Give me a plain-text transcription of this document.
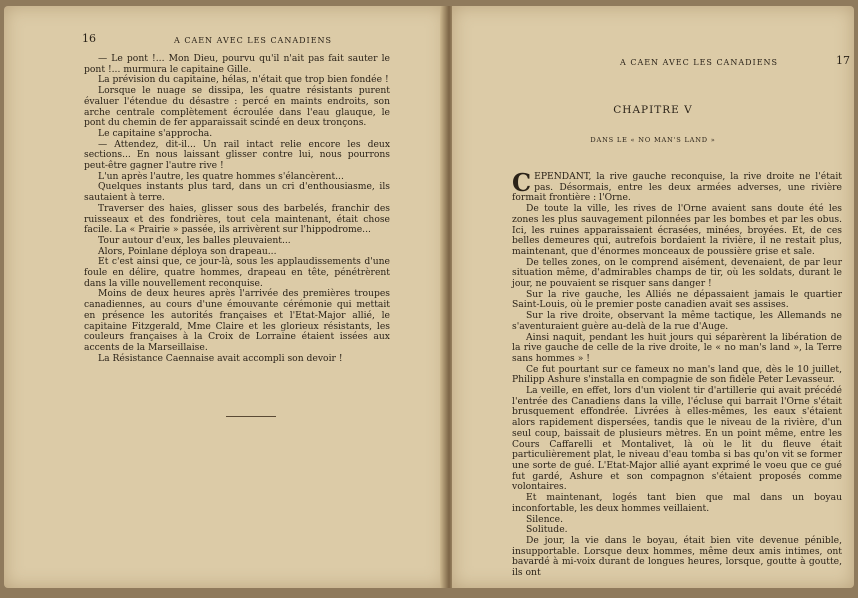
16	A CAEN AVEC LES CANADIENS

— Le pont !... Mon Dieu, pourvu qu'il n'ait pas fait sauter le pont !... murmura le capitaine Gille.

La prévision du capitaine, hélas, n'était que trop bien fondée !

Lorsque le nuage se dissipa, les quatre résistants purent évaluer l'étendue du désastre : percé en maints endroits, son arche centrale complètement écroulée dans l'eau glauque, le pont du chemin de fer apparaissait scindé en deux tronçons.

Le capitaine s'approcha.

— Attendez, dit-il... Un rail intact relie encore les deux sections... En nous laissant glisser contre lui, nous pourrons peut-être gagner l'autre rive !

L'un après l'autre, les quatre hommes s'élancèrent...

Quelques instants plus tard, dans un cri d'enthousiasme, ils sautaient à terre.

Traverser des haies, glisser sous des barbelés, franchir des ruisseaux et des fondrières, tout cela maintenant, était chose facile. La « Prairie » passée, ils arrivèrent sur l'hippodrome...

Tour autour d'eux, les balles pleuvaient...

Alors, Poinlane déploya son drapeau...

Et c'est ainsi que, ce jour-là, sous les applaudissements d'une foule en délire, quatre hommes, drapeau en tête, pénétrèrent dans la ville nouvellement reconquise.

Moins de deux heures après l'arrivée des premières troupes canadiennes, au cours d'une émouvante cérémonie qui mettait en présence les autorités françaises et l'Etat-Major allié, le capitaine Fitzgerald, Mme Claire et les glorieux résistants, les couleurs françaises à la Croix de Lorraine étaient issées aux accents de la Marseillaise.

La Résistance Caennaise avait accompli son devoir !

A CAEN AVEC LES CANADIENS	17
CHAPITRE V
DANS LE « NO MAN'S LAND »

CEPENDANT, la rive gauche reconquise, la rive droite ne l'était pas. Désormais, entre les deux armées adverses, une rivière formait frontière : l'Orne.

De toute la ville, les rives de l'Orne avaient sans doute été les zones les plus sauvagement pilonnées par les bombes et par les obus. Ici, les ruines apparaissaient écrasées, minées, broyées. Et, de ces belles demeures qui, autrefois bordaient la rivière, il ne restait plus, maintenant, que d'énormes monceaux de poussière grise et sale.

De telles zones, on le comprend aisément, devenaient, de par leur situation même, d'admirables champs de tir, où les soldats, durant le jour, ne pouvaient se risquer sans danger !

Sur la rive gauche, les Alliés ne dépassaient jamais le quartier Saint-Louis, où le premier poste canadien avait ses assises.

Sur la rive droite, observant la même tactique, les Allemands ne s'aventuraient guère au-delà de la rue d'Auge.

Ainsi naquit, pendant les huit jours qui séparèrent la libération de la rive gauche de celle de la rive droite, le « no man's land », la Terre sans hommes » !

Ce fut pourtant sur ce fameux no man's land que, dès le 10 juillet, Philipp Ashure s'installa en compagnie de son fidèle Peter Levasseur.

La veille, en effet, lors d'un violent tir d'artillerie qui avait précédé l'entrée des Canadiens dans la ville, l'écluse qui barrait l'Orne s'était brusquement effondrée. Livrées à elles-mêmes, les eaux s'étaient alors rapidement dispersées, tandis que le niveau de la rivière, d'un seul coup, baissait de plusieurs mètres. En un point même, entre les Cours Caffarelli et Montalivet, là où le lit du fleuve était particulièrement plat, le niveau d'eau tomba si bas qu'on vit se former une sorte de gué. L'Etat-Major allié ayant exprimé le voeu que ce gué fut gardé, Ashure et son compagnon s'étaient proposés comme volontaires.

Et maintenant, logés tant bien que mal dans un boyau inconfortable, les deux hommes veillaient.

Silence.

Solitude.

De jour, la vie dans le boyau, était bien vite devenue pénible, insupportable. Lorsque deux hommes, même deux amis intimes, ont bavardé à mi-voix durant de longues heures, lorsque, goutte à goutte, ils ont
